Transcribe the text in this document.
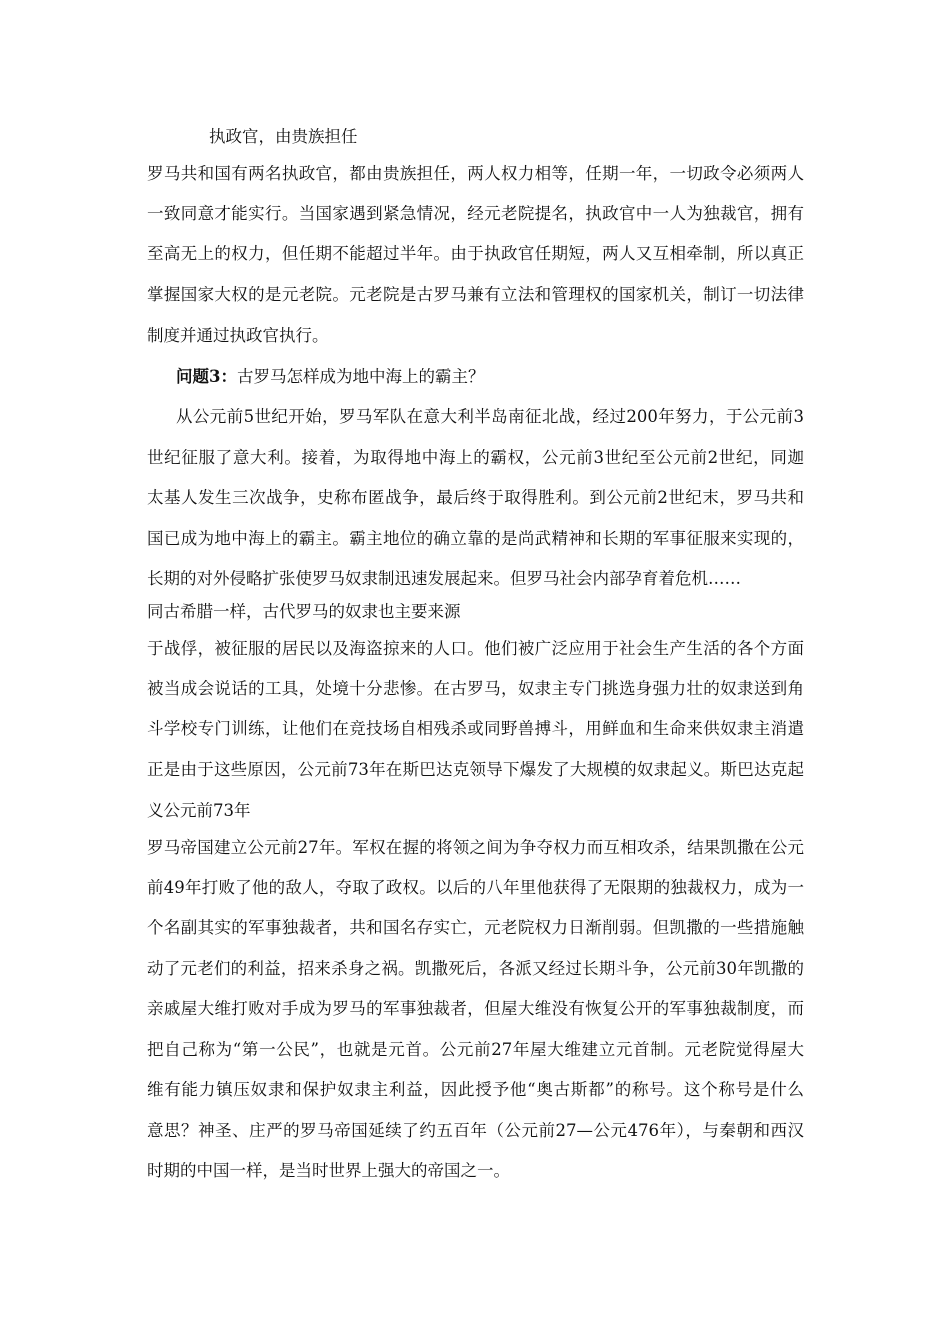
执政官，由贵族担任
罗马共和国有两名执政官，都由贵族担任，两人权力相等，任期一年，一切政令必须两人
一致同意才能实行。当国家遇到紧急情况，经元老院提名，执政官中一人为独裁官，拥有
至高无上的权力，但任期不能超过半年。由于执政官任期短，两人又互相牵制，所以真正
掌握国家大权的是元老院。元老院是古罗马兼有立法和管理权的国家机关，制订一切法律
制度并通过执政官执行。
问题3：古罗马怎样成为地中海上的霸主？
从公元前5世纪开始，罗马军队在意大利半岛南征北战，经过200年努力，于公元前3
世纪征服了意大利。接着，为取得地中海上的霸权，公元前3世纪至公元前2世纪，同迦
太基人发生三次战争，史称布匿战争，最后终于取得胜利。到公元前2世纪末，罗马共和
国已成为地中海上的霸主。霸主地位的确立靠的是尚武精神和长期的军事征服来实现的，
长期的对外侵略扩张使罗马奴隶制迅速发展起来。但罗马社会内部孕育着危机……
同古希腊一样，古代罗马的奴隶也主要来源
于战俘，被征服的居民以及海盗掠来的人口。他们被广泛应用于社会生产生活的各个方面
被当成会说话的工具，处境十分悲惨。在古罗马，奴隶主专门挑选身强力壮的奴隶送到角
斗学校专门训练，让他们在竞技场自相残杀或同野兽搏斗，用鲜血和生命来供奴隶主消遣
正是由于这些原因，公元前73年在斯巴达克领导下爆发了大规模的奴隶起义。斯巴达克起
义公元前73年
罗马帝国建立公元前27年。军权在握的将领之间为争夺权力而互相攻杀，结果凯撒在公元
前49年打败了他的敌人，夺取了政权。以后的八年里他获得了无限期的独裁权力，成为一
个名副其实的军事独裁者，共和国名存实亡，元老院权力日渐削弱。但凯撒的一些措施触
动了元老们的利益，招来杀身之祸。凯撒死后，各派又经过长期斗争，公元前30年凯撒的
亲戚屋大维打败对手成为罗马的军事独裁者，但屋大维没有恢复公开的军事独裁制度，而
把自己称为“第一公民”，也就是元首。公元前27年屋大维建立元首制。元老院觉得屋大
维有能力镇压奴隶和保护奴隶主利益，因此授予他“奥古斯都”的称号。这个称号是什么
意思？神圣、庄严的罗马帝国延续了约五百年（公元前27—公元476年），与秦朝和西汉
时期的中国一样，是当时世界上强大的帝国之一。
